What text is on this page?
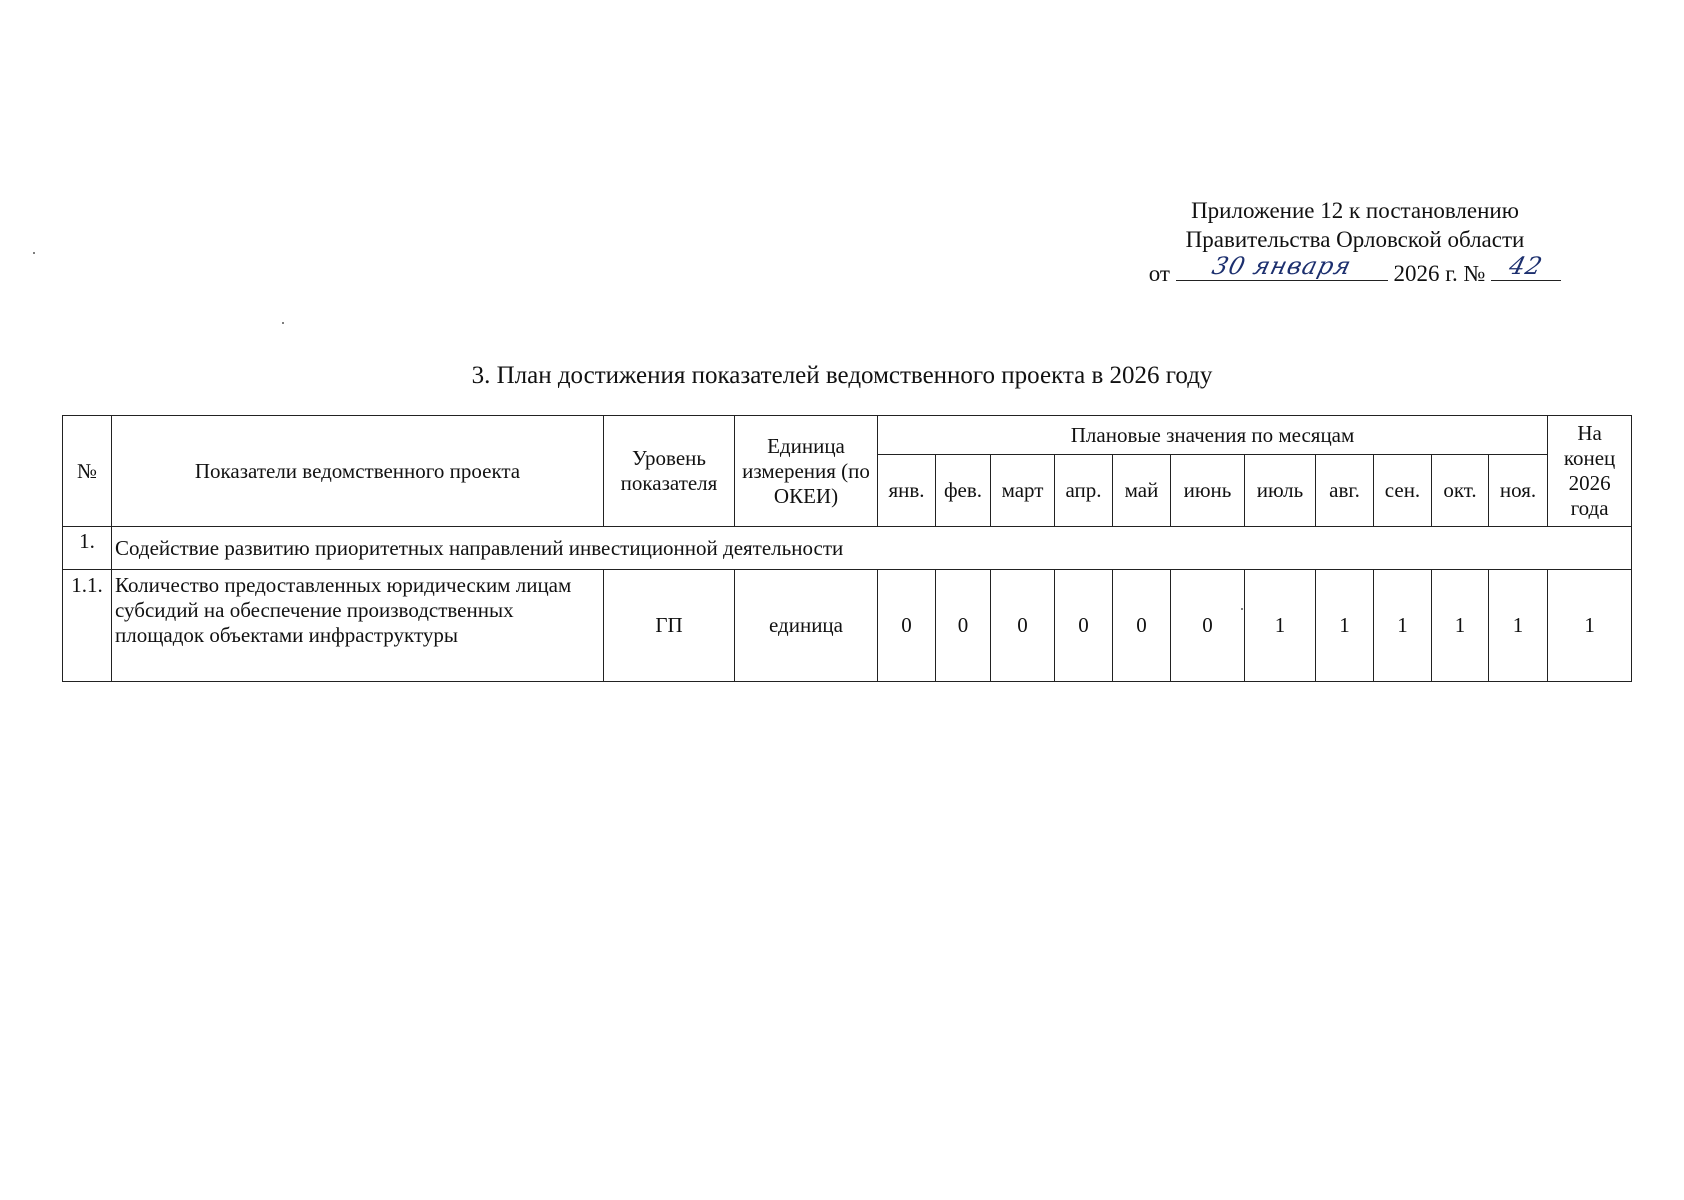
Приложение 12 к постановлению
Правительства Орловской области
от	30 января	2026 г. № 42
3. План достижения показателей ведомственного проекта в 2026 году
№	Показатели ведомственного проекта	Уровень показателя	Единица измерения (по ОКЕИ)	Плановые значения по месяцам											На конец 2026 года
				янв.	фев.	март	апр.	май	июнь	июль	авг.	сен.	окт.	ноя.	
1.	Содействие развитию приоритетных направлений инвестиционной деятельности														
1.1.	Количество предоставленных юридическим лицам субсидий на обеспечение производственных площадок объектами инфраструктуры	ГП	единица	0	0	0	0	0	0	1	1	1	1	1	1
